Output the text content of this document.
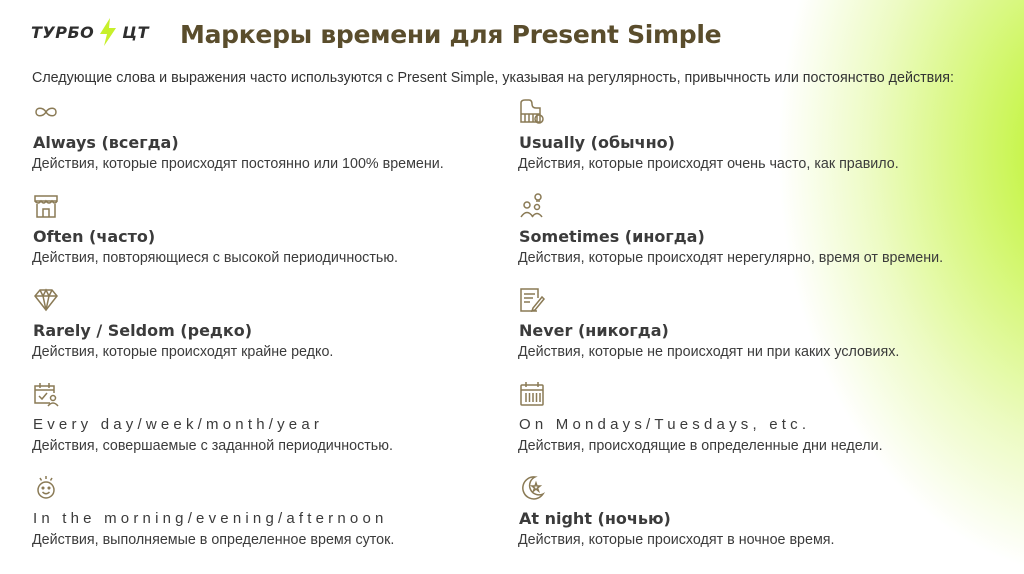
ТУРБО ЦТ Маркеры времени для Present Simple
Следующие слова и выражения часто используются с Present Simple, указывая на регулярность, привычность или постоянство действия:
Always (всегда)
Действия, которые происходят постоянно или 100% времени.
Often (часто)
Действия, повторяющиеся с высокой периодичностью.
Rarely / Seldom (редко)
Действия, которые происходят крайне редко.
Every day/week/month/year
Действия, совершаемые с заданной периодичностью.
In the morning/evening/afternoon
Действия, выполняемые в определенное время суток.
Usually (обычно)
Действия, которые происходят очень часто, как правило.
Sometimes (иногда)
Действия, которые происходят нерегулярно, время от времени.
Never (никогда)
Действия, которые не происходят ни при каких условиях.
On Mondays/Tuesdays, etc.
Действия, происходящие в определенные дни недели.
At night (ночью)
Действия, которые происходят в ночное время.
